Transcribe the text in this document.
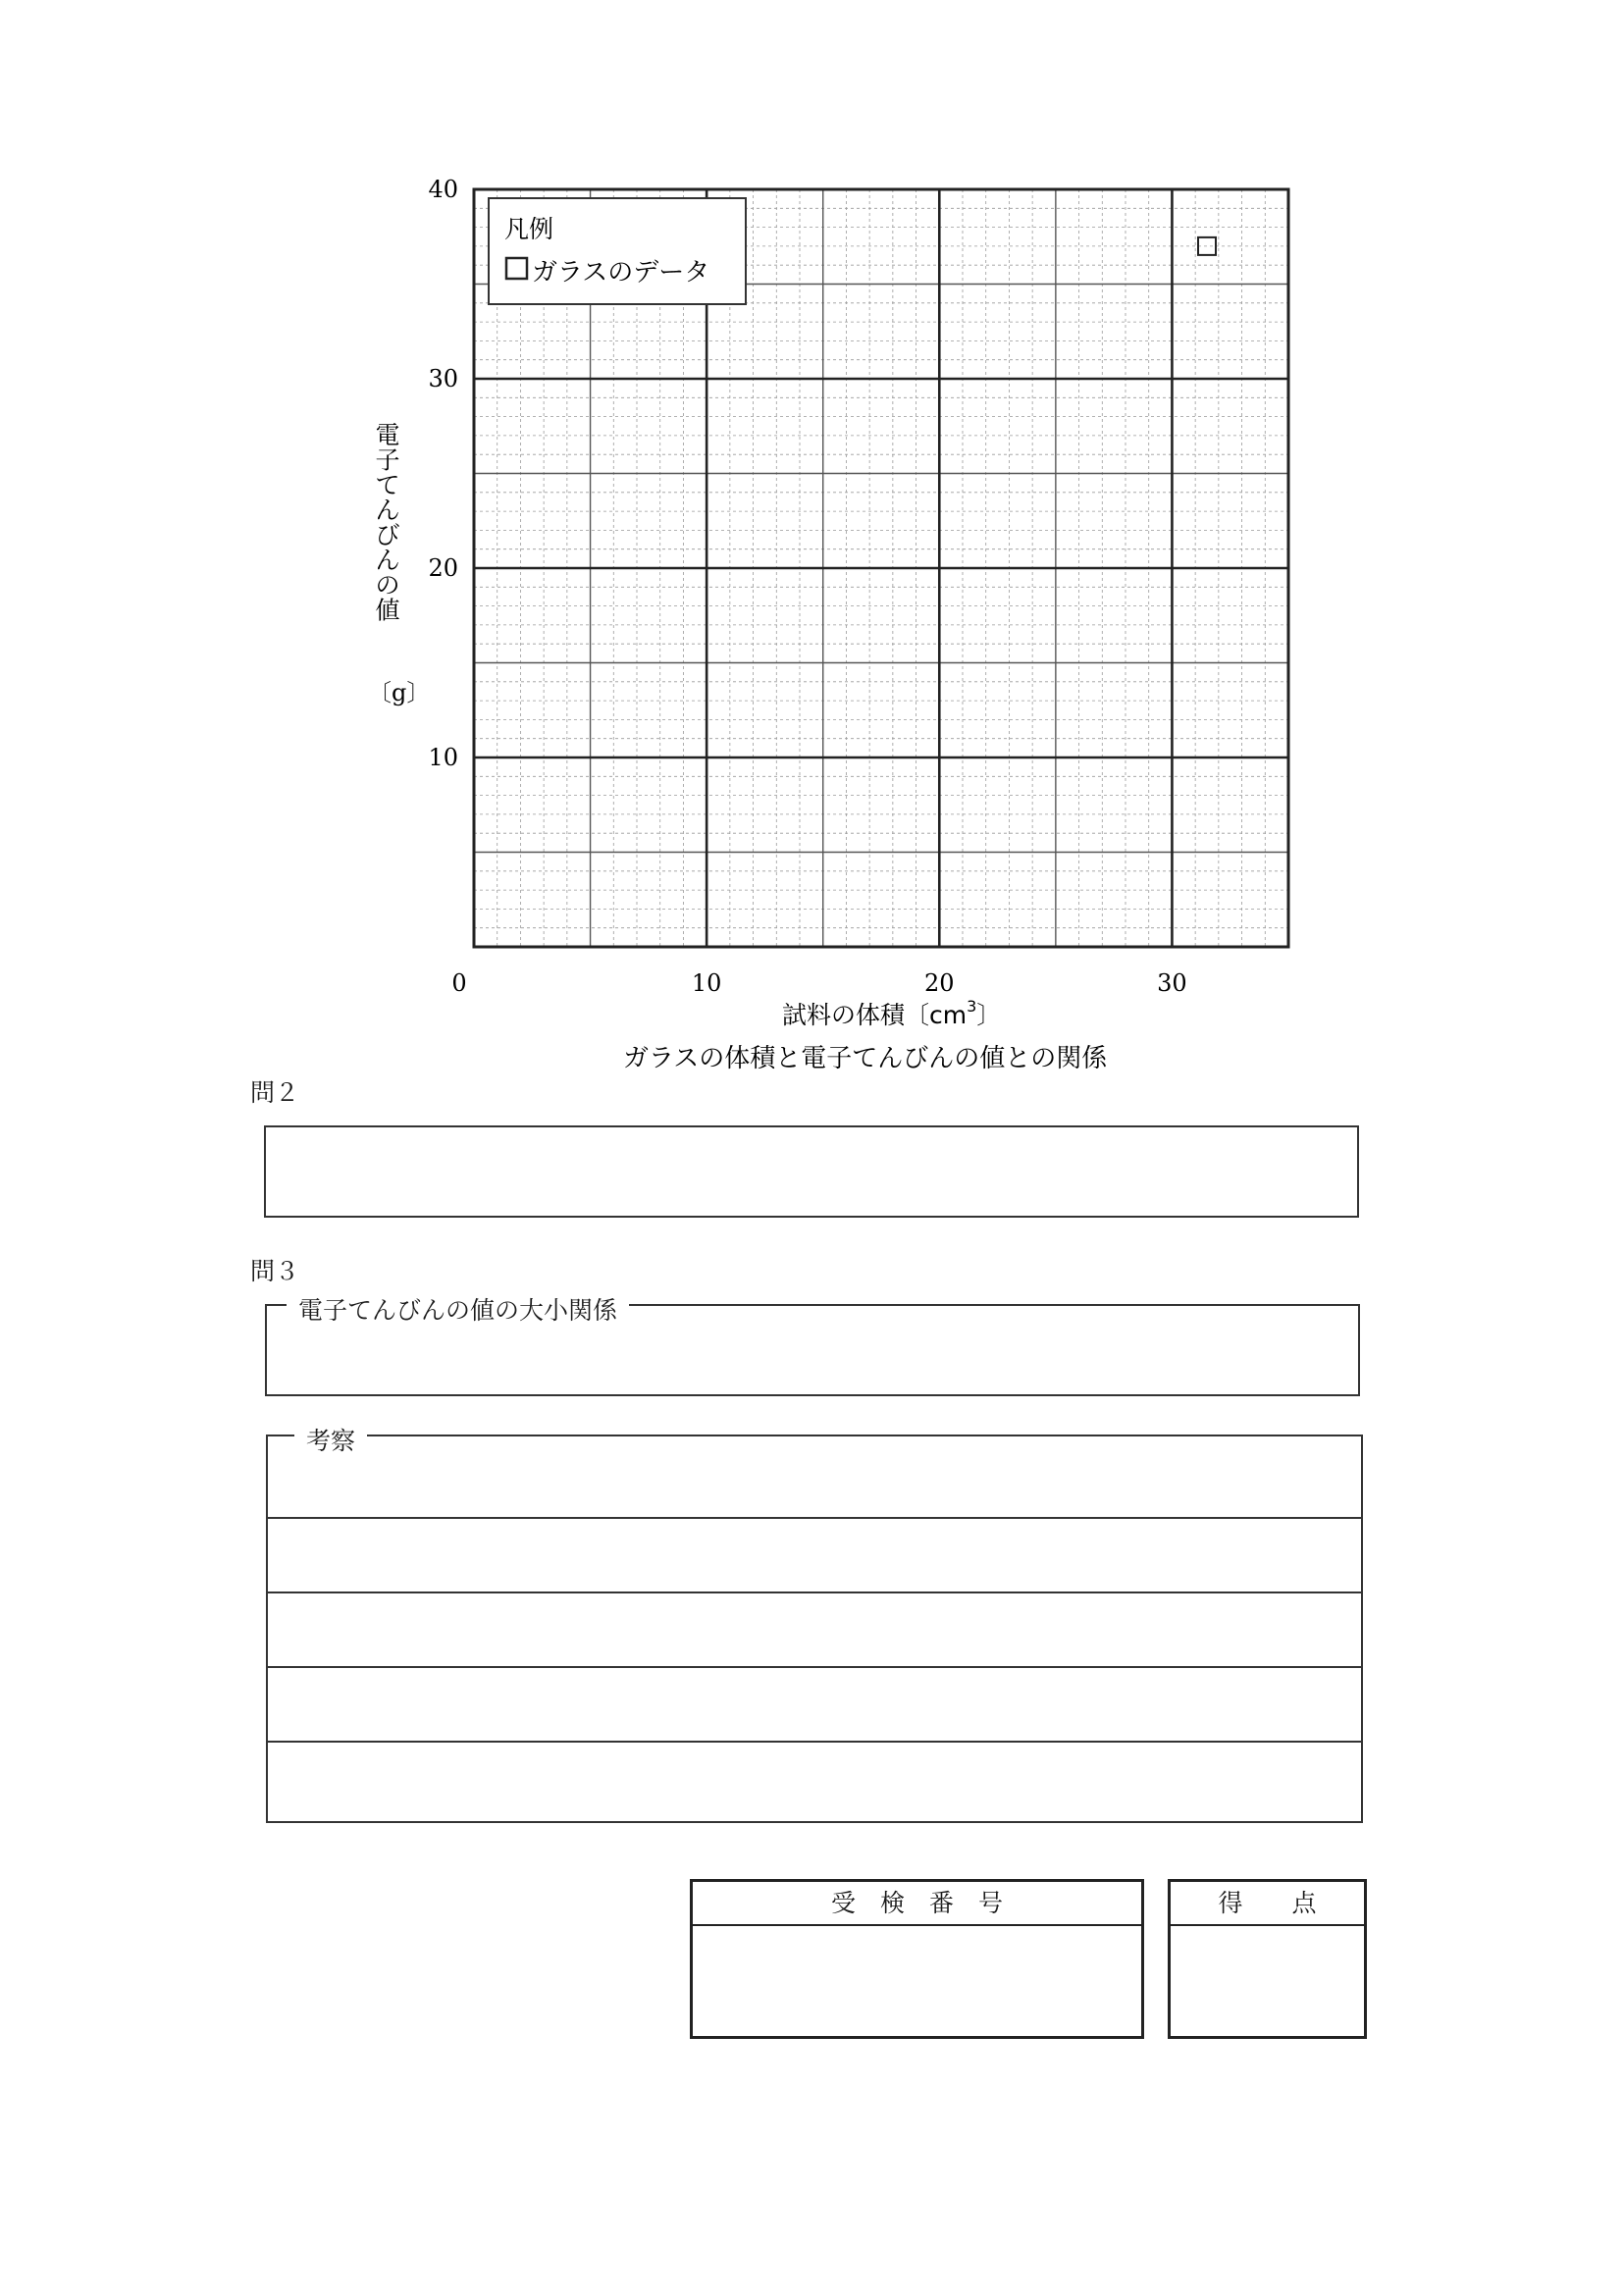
0	10	20	30
10
20
30
40
凡例
ガラスのデータ
試料の体積〔$cm^3$〕
電
子
て
ん
び
ん
の
値
〔g〕
ガラスの体積と電子てんびんの値との関係
問２
問３
電子てんびんの値の大小関係
考察
受　検　番　号	得　　点
